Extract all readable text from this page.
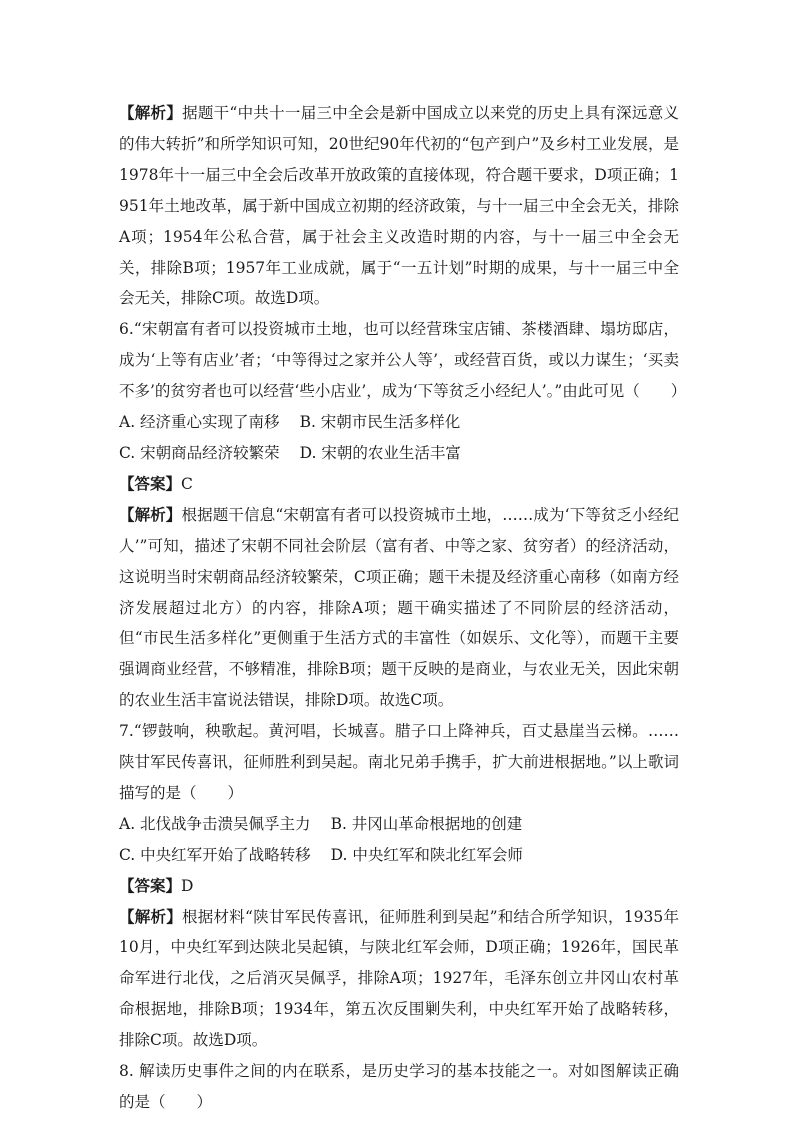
【解析】据题干“中共十一届三中全会是新中国成立以来党的历史上具有深远意义的伟大转折”和所学知识可知，20世纪90年代初的“包产到户”及乡村工业发展，是1978年十一届三中全会后改革开放政策的直接体现，符合题干要求，D项正确；1951年土地改革，属于新中国成立初期的经济政策，与十一届三中全会无关，排除A项；1954年公私合营，属于社会主义改造时期的内容，与十一届三中全会无关，排除B项；1957年工业成就，属于“一五计划”时期的成果，与十一届三中全会无关，排除C项。故选D项。

6.“宋朝富有者可以投资城市土地，也可以经营珠宝店铺、茶楼酒肆、塌坊邸店，成为‘上等有店业’者；‘中等得过之家并公人等’，或经营百货，或以力谋生；‘买卖不多’的贫穷者也可以经营‘些小店业’，成为‘下等贫乏小经纪人’。”由此可见（　　）

A. 经济重心实现了南移 B. 宋朝市民生活多样化

C. 宋朝商品经济较繁荣 D. 宋朝的农业生活丰富

【答案】C

【解析】根据题干信息“宋朝富有者可以投资城市土地，……成为‘下等贫乏小经纪人’”可知，描述了宋朝不同社会阶层（富有者、中等之家、贫穷者）的经济活动，这说明当时宋朝商品经济较繁荣，C项正确；题干未提及经济重心南移（如南方经济发展超过北方）的内容，排除A项；题干确实描述了不同阶层的经济活动，但“市民生活多样化”更侧重于生活方式的丰富性（如娱乐、文化等），而题干主要强调商业经营，不够精准，排除B项；题干反映的是商业，与农业无关，因此宋朝的农业生活丰富说法错误，排除D项。故选C项。

7.“锣鼓响，秧歌起。黄河唱，长城喜。腊子口上降神兵，百丈悬崖当云梯。……陕甘军民传喜讯，征师胜利到吴起。南北兄弟手携手，扩大前进根据地。”以上歌词描写的是（　　）

A. 北伐战争击溃吴佩孚主力 B. 井冈山革命根据地的创建

C. 中央红军开始了战略转移 D. 中央红军和陕北红军会师

【答案】D

【解析】根据材料“陕甘军民传喜讯，征师胜利到吴起”和结合所学知识，1935年10月，中央红军到达陕北吴起镇，与陕北红军会师，D项正确；1926年，国民革命军进行北伐，之后消灭吴佩孚，排除A项；1927年，毛泽东创立井冈山农村革命根据地，排除B项；1934年，第五次反围剿失利，中央红军开始了战略转移，排除C项。故选D项。

8. 解读历史事件之间的内在联系，是历史学习的基本技能之一。对如图解读正确的是（　　）
